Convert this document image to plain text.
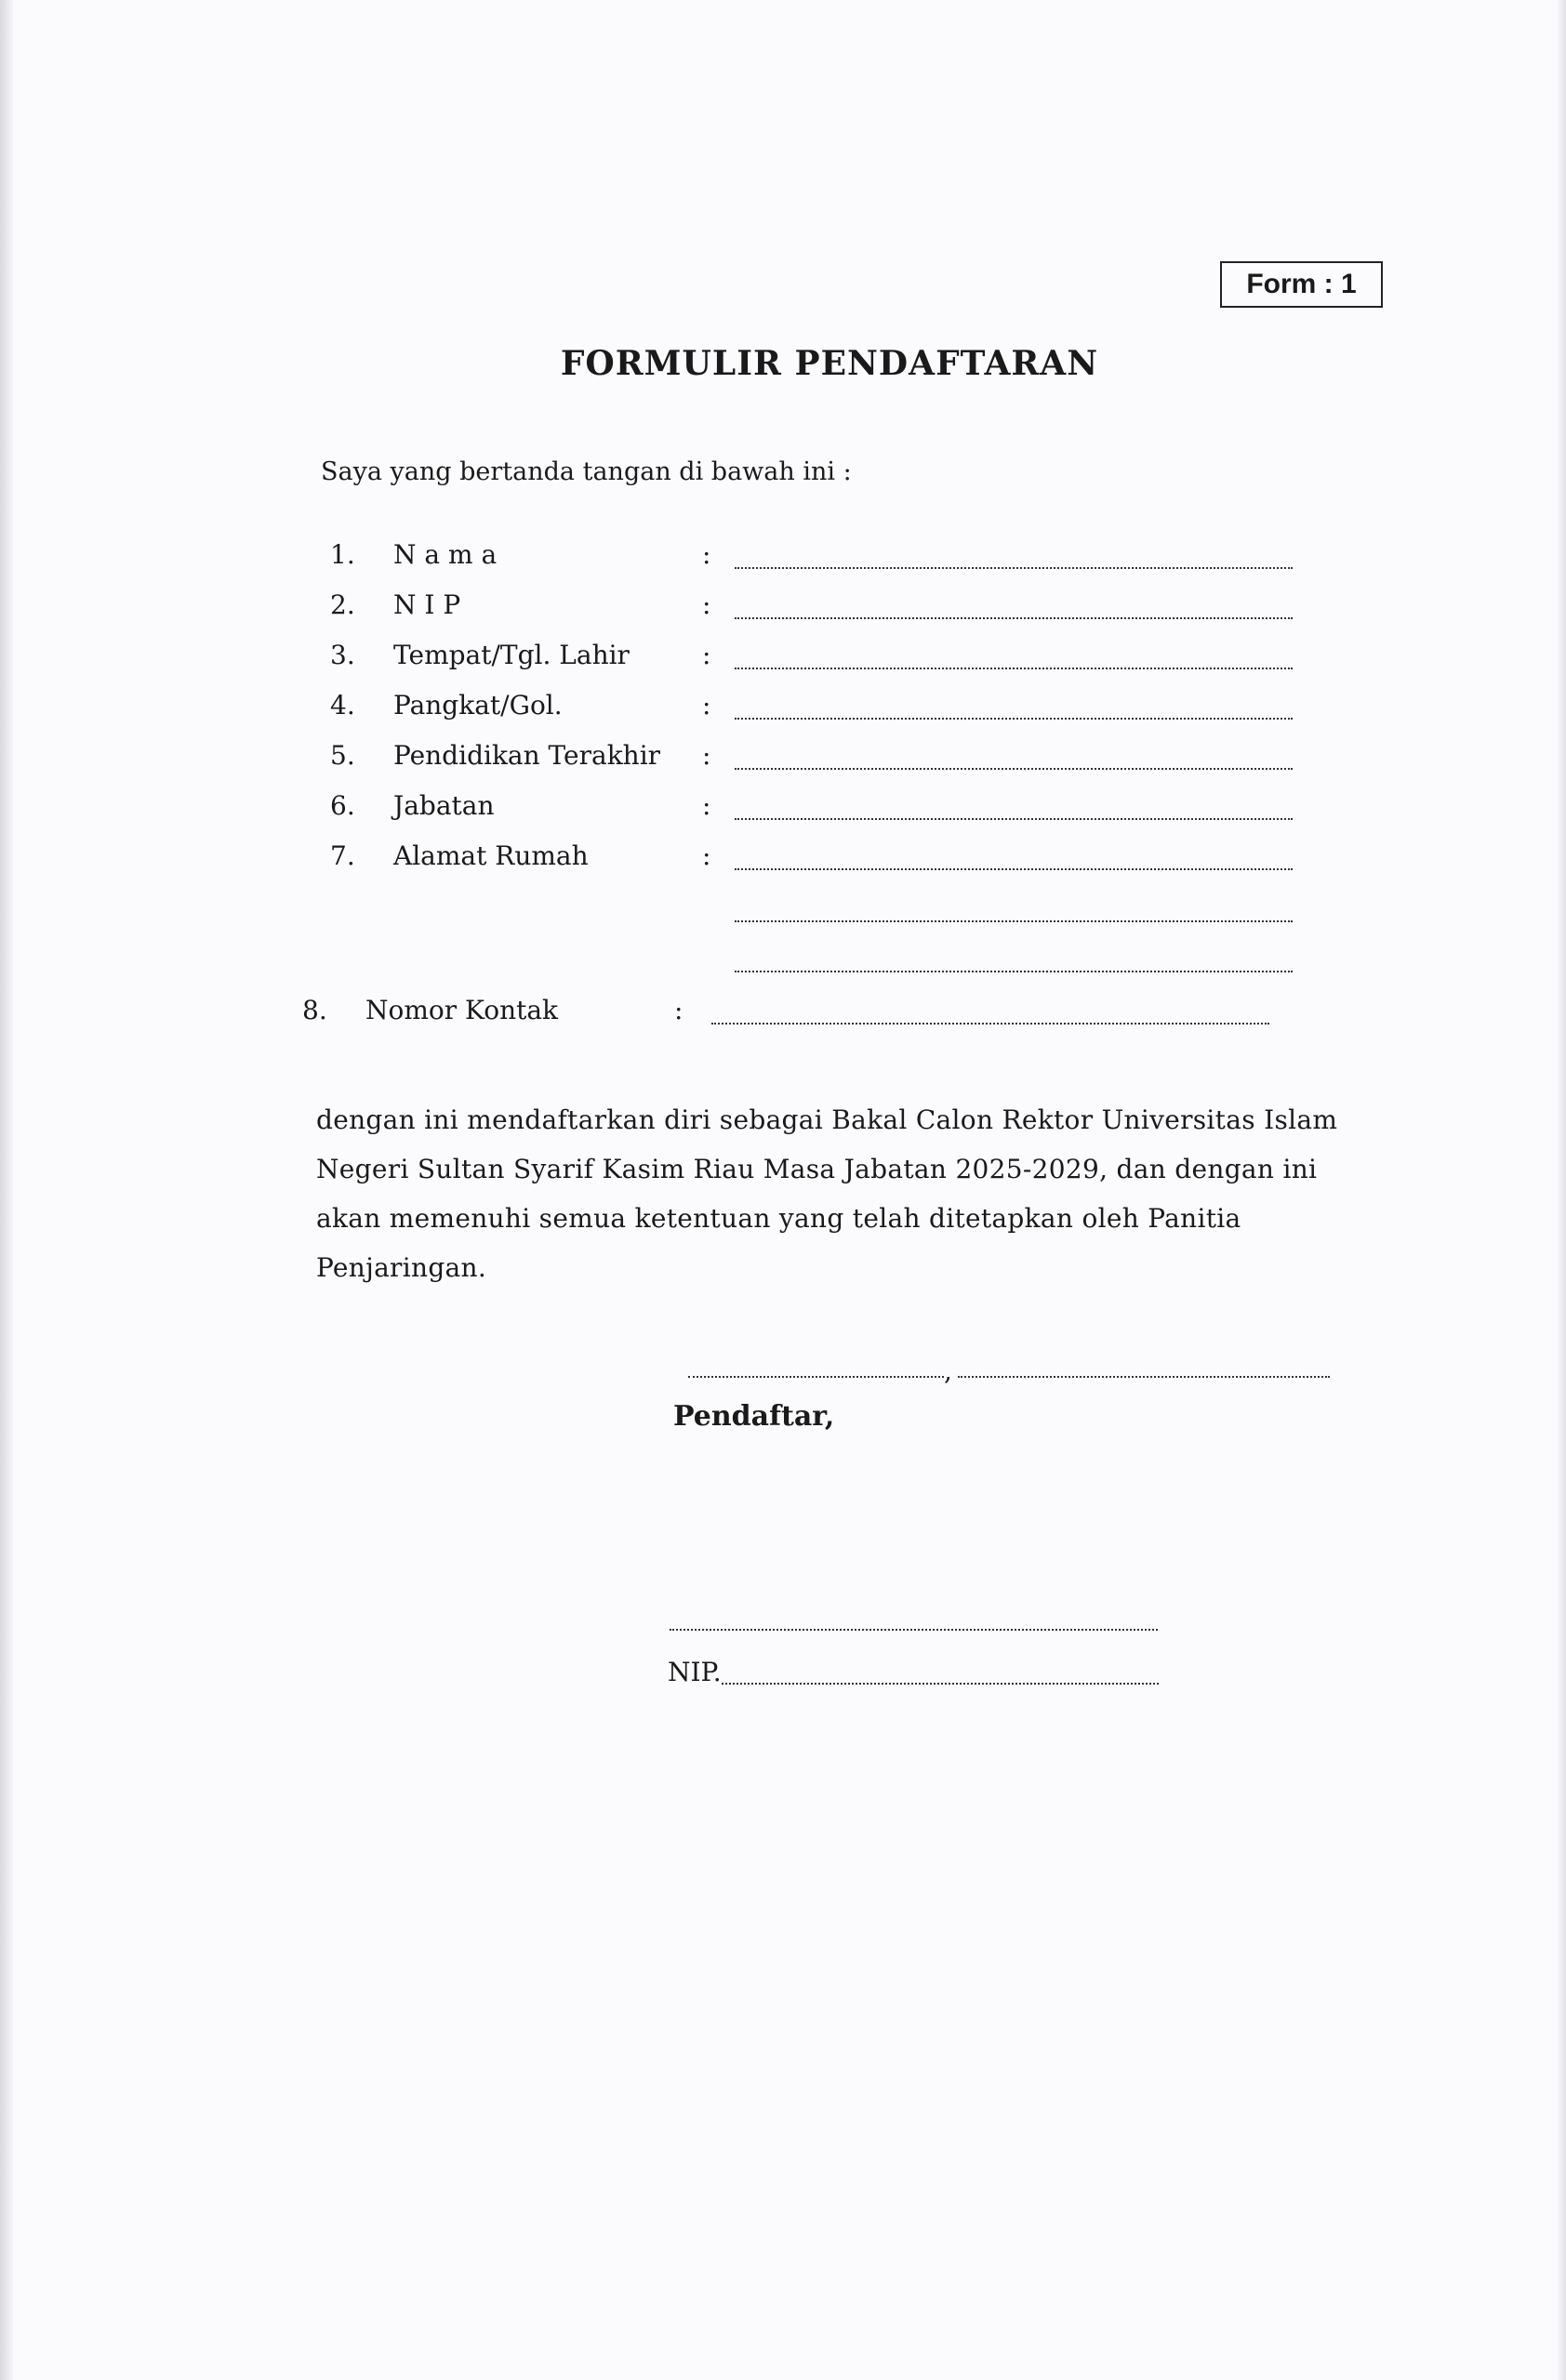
Form : 1
FORMULIR PENDAFTARAN
Saya yang bertanda tangan di bawah ini :
1. N a m a	:
2. N I P	:
3. Tempat/Tgl. Lahir	:
4. Pangkat/Gol.	:
5. Pendidikan Terakhir :
6. Jabatan	:
7. Alamat Rumah	:
8. Nomor Kontak	:
dengan ini mendaftarkan diri sebagai Bakal Calon Rektor Universitas Islam Negeri Sultan Syarif Kasim Riau Masa Jabatan 2025-2029, dan dengan ini akan memenuhi semua ketentuan yang telah ditetapkan oleh Panitia Penjaringan.
,
Pendaftar,
NIP.
